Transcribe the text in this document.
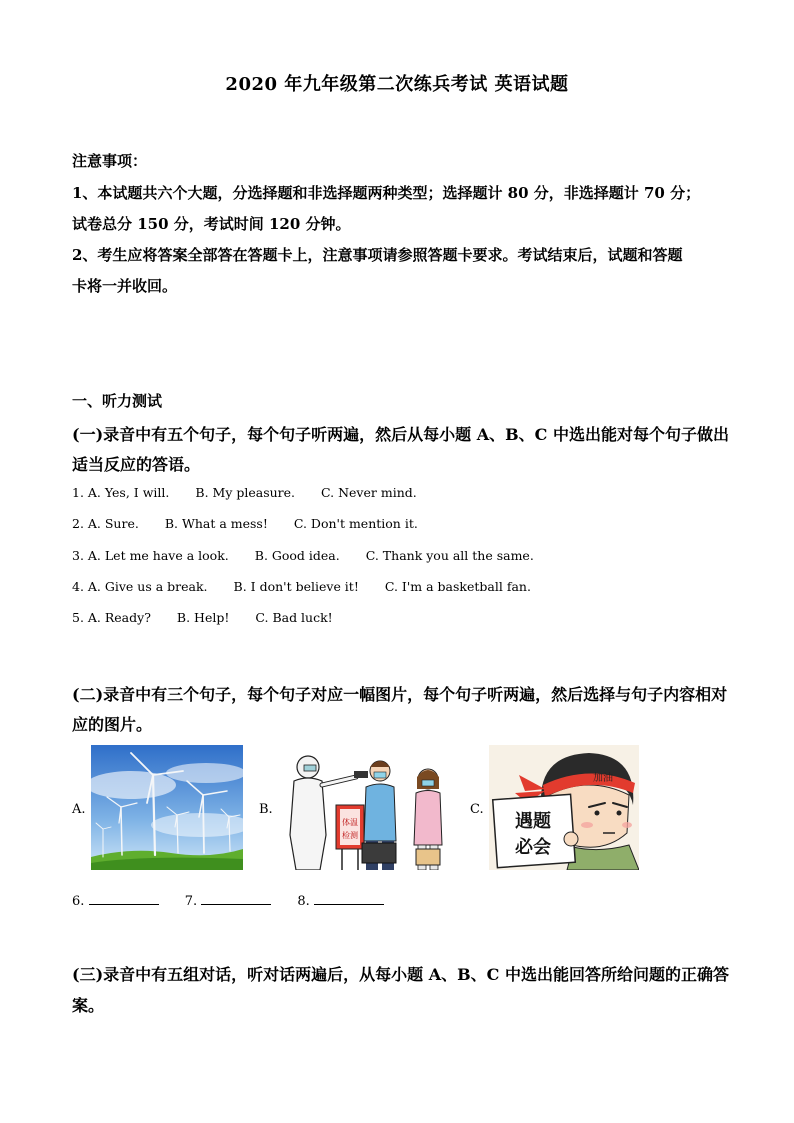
2020 年九年级第二次练兵考试 英语试题
注意事项：
1、本试题共六个大题，分选择题和非选择题两种类型；选择题计 80 分，非选择题计 70 分；
试卷总分 150 分，考试时间 120 分钟。
2、考生应将答案全部答在答题卡上，注意事项请参照答题卡要求。考试结束后，试题和答题
卡将一并收回。
一、听力测试
(一)录音中有五个句子，每个句子听两遍，然后从每小题 A、B、C 中选出能对每个句子做出
适当反应的答语。
1. A. Yes, I will. B. My pleasure. C. Never mind.
2. A. Sure. B. What a mess! C. Don't mention it.
3. A. Let me have a look. B. Good idea. C. Thank you all the same.
4. A. Give us a break. B. I don't believe it! C. I'm a basketball fan.
5. A. Ready? B. Help! C. Bad luck!
(二)录音中有三个句子，每个句子对应一幅图片，每个句子听两遍，然后选择与句子内容相对
应的图片。
A.	B.
体温
检测
C.
加油
遇题
必会
6.	7.	8.
(三)录音中有五组对话，听对话两遍后，从每小题 A、B、C 中选出能回答所给问题的正确答
案。
